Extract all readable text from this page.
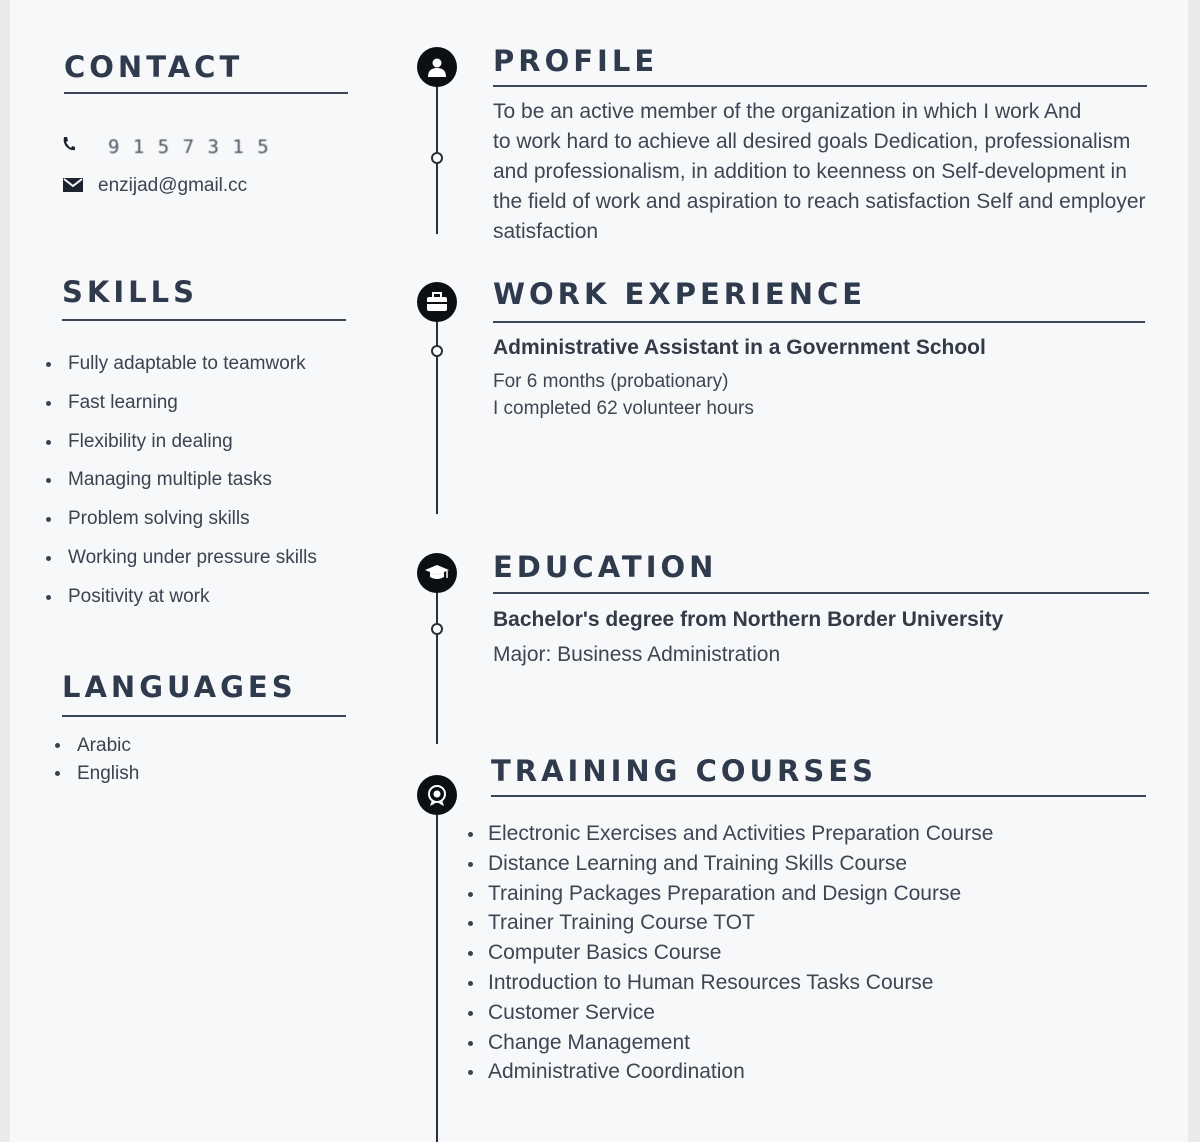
CONTACT
9 1 5 7 3 1 5
enzijad@gmail.cc
SKILLS
Fully adaptable to teamwork
Fast learning
Flexibility in dealing
Managing multiple tasks
Problem solving skills
Working under pressure skills
Positivity at work
LANGUAGES
Arabic
English
PROFILE
To be an active member of the organization in which I work And
to work hard to achieve all desired goals Dedication, professionalism
and professionalism, in addition to keenness on Self-development in
the field of work and aspiration to reach satisfaction Self and employer
satisfaction
WORK EXPERIENCE
Administrative Assistant in a Government School
For 6 months (probationary)
I completed 62 volunteer hours
EDUCATION
Bachelor's degree from Northern Border University
Major: Business Administration
TRAINING COURSES
Electronic Exercises and Activities Preparation Course
Distance Learning and Training Skills Course
Training Packages Preparation and Design Course
Trainer Training Course TOT
Computer Basics Course
Introduction to Human Resources Tasks Course
Customer Service
Change Management
Administrative Coordination
